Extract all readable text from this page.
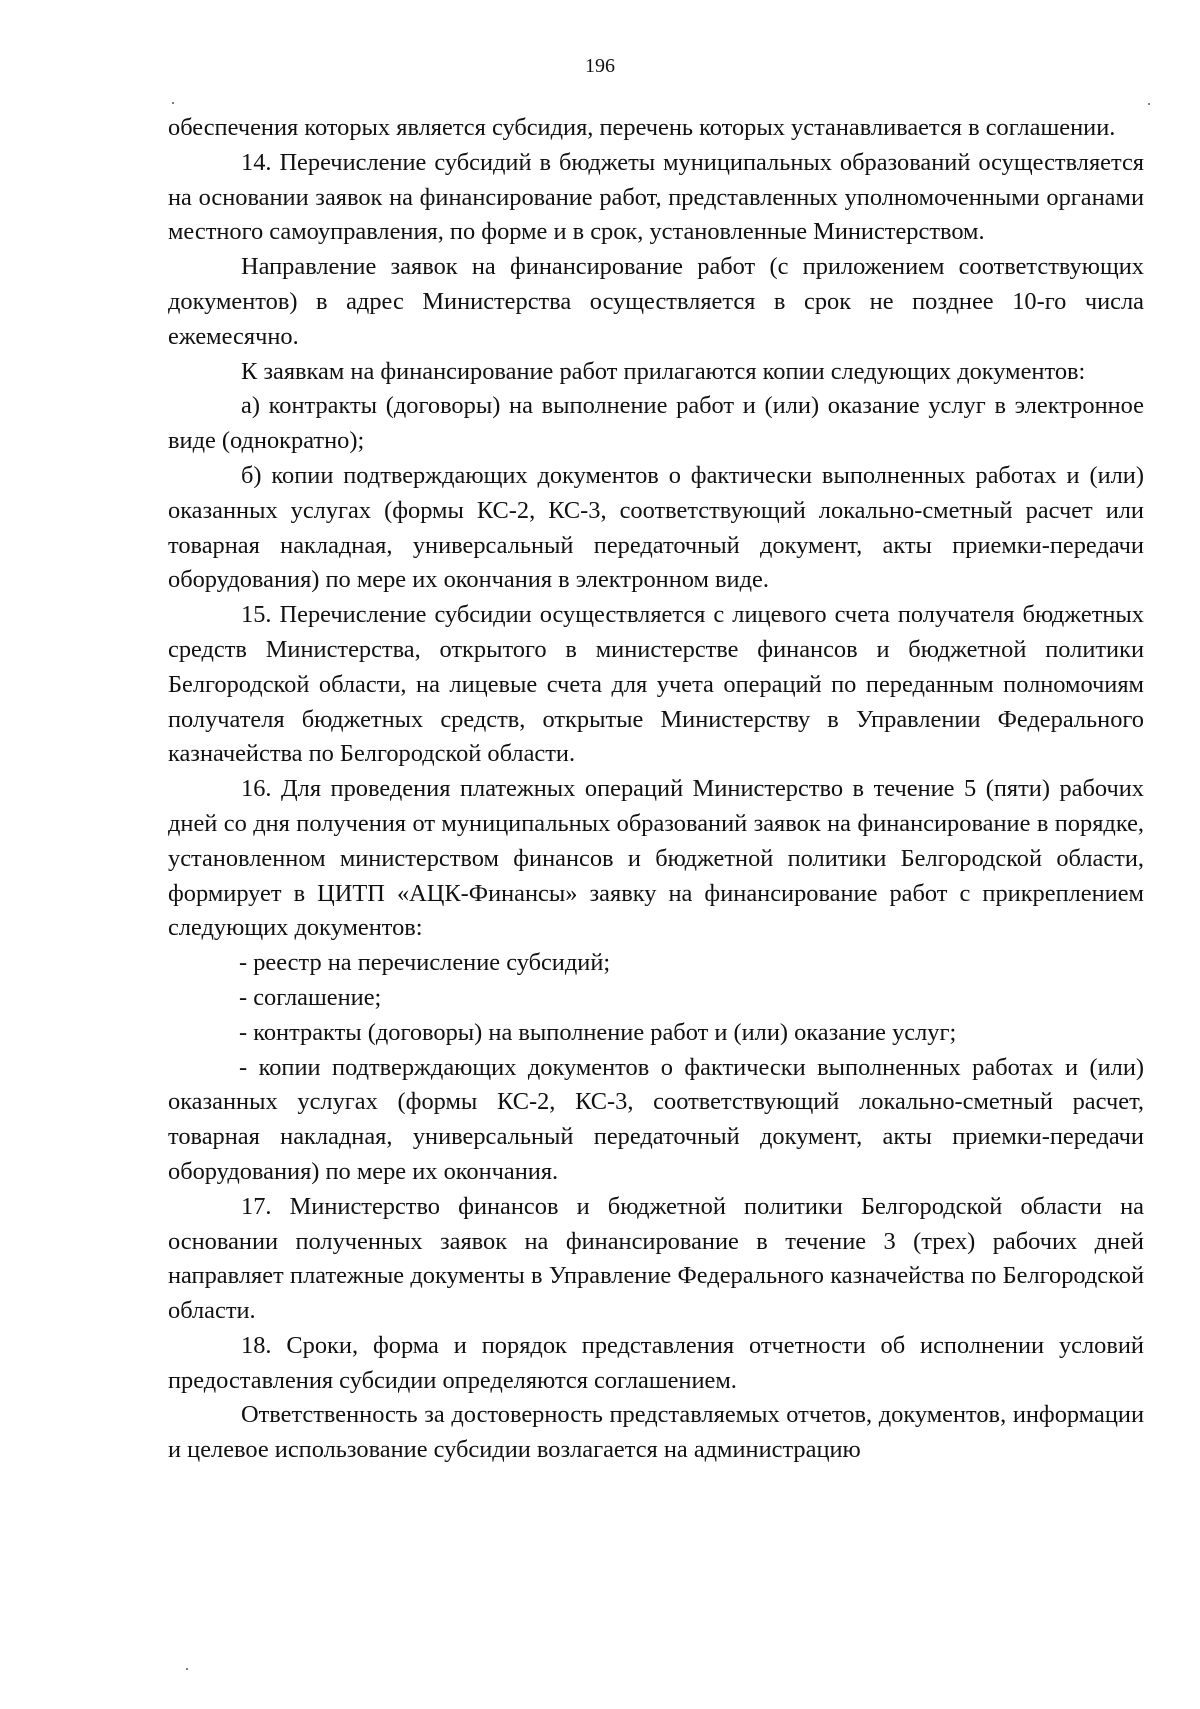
196

обеспечения которых является субсидия, перечень которых устанавливается в соглашении.

14. Перечисление субсидий в бюджеты муниципальных образований осуществляется на основании заявок на финансирование работ, представленных уполномоченными органами местного самоуправления, по форме и в срок, установленные Министерством.

Направление заявок на финансирование работ (с приложением соответствующих документов) в адрес Министерства осуществляется в срок не позднее 10-го числа ежемесячно.

К заявкам на финансирование работ прилагаются копии следующих документов:

а) контракты (договоры) на выполнение работ и (или) оказание услуг в электронное виде (однократно);

б) копии подтверждающих документов о фактически выполненных работах и (или) оказанных услугах (формы КС-2, КС-3, соответствующий локально-сметный расчет или товарная накладная, универсальный передаточный документ, акты приемки-передачи оборудования) по мере их окончания в электронном виде.

15. Перечисление субсидии осуществляется с лицевого счета получателя бюджетных средств Министерства, открытого в министерстве финансов и бюджетной политики Белгородской области, на лицевые счета для учета операций по переданным полномочиям получателя бюджетных средств, открытые Министерству в Управлении Федерального казначейства по Белгородской области.

16. Для проведения платежных операций Министерство в течение 5 (пяти) рабочих дней со дня получения от муниципальных образований заявок на финансирование в порядке, установленном министерством финансов и бюджетной политики Белгородской области, формирует в ЦИТП «АЦК-Финансы» заявку на финансирование работ с прикреплением следующих документов:

- реестр на перечисление субсидий;

- соглашение;

- контракты (договоры) на выполнение работ и (или) оказание услуг;

- копии подтверждающих документов о фактически выполненных работах и (или) оказанных услугах (формы КС-2, КС-3, соответствующий локально-сметный расчет, товарная накладная, универсальный передаточный документ, акты приемки-передачи оборудования) по мере их окончания.

17. Министерство финансов и бюджетной политики Белгородской области на основании полученных заявок на финансирование в течение 3 (трех) рабочих дней направляет платежные документы в Управление Федерального казначейства по Белгородской области.

18. Сроки, форма и порядок представления отчетности об исполнении условий предоставления субсидии определяются соглашением.

Ответственность за достоверность представляемых отчетов, документов, информации и целевое использование субсидии возлагается на администрацию
